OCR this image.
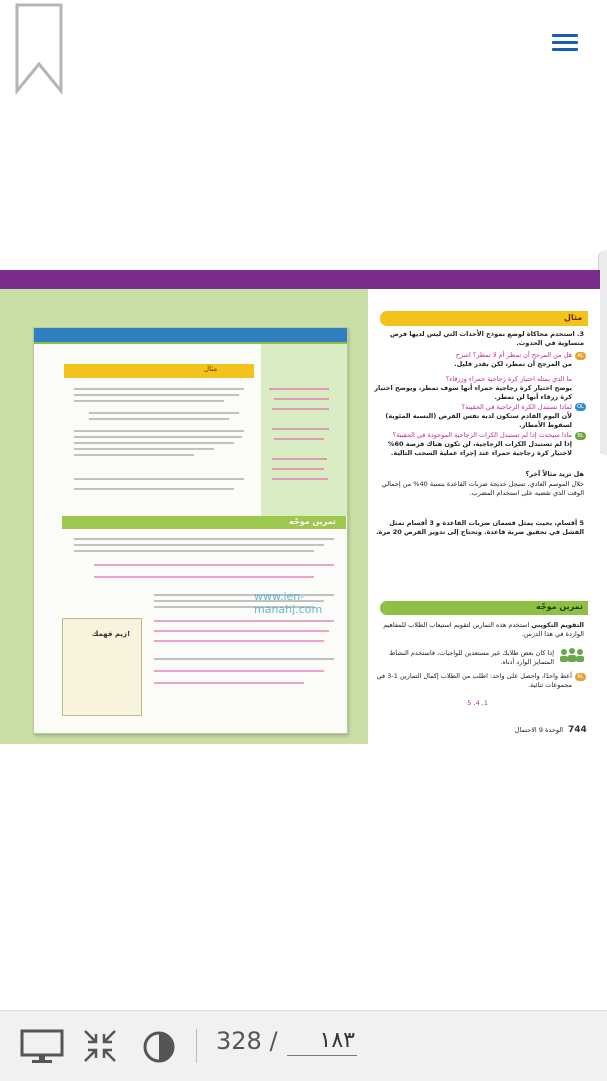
مثال
تمرين موجّه
زيم فهمك!
www.ien-manahj.com
مثال
3. استخدم محاكاة لوضع نموذج الأحداث التي ليس لديها فرص متساوية في الحدوث.
AL
هل من المرجح أن تمطر أم لا تمطر؟ اشرح
من المرجح أن تمطر، لكن بقدر قليل.
ما الذي يمثله اختيار كرة زجاجية حمراء وزرقاء؟
يوضح اختيار كرة زجاجية حمراء أنها سوف تمطر، ويوضح اختيار كرة زرقاء أنها لن تمطر.
OL
لماذا نستبدل الكرة الزجاجية في الحقيبة؟
لأن اليوم القادم ستكون لديه نفس الفرص (النسبة المئوية) لسقوط الأمطار.
BL
ماذا سيحدث إذا لم تستبدل الكرات الزجاجية الموجودة في الحقيبة؟
إذا لم تستبدل الكرات الزجاجية، لن تكون هناك فرصة 60% لاختيار كرة زجاجية حمراء عند إجراء عملية السحب التالية.
هل تريد مثالاً آخر؟
خلال الموسم العادي، تسجل خديجة ضربات القاعدة بنسبة 40% من إجمالي الوقت الذي تقضيه على استخدام المضرب.
5 أقسام، بحيث يمثل قسمان ضربات القاعدة و 3 أقسام تمثل الفشل في تحقيق ضربة قاعدة. وتحتاج إلى تدوير القرص 20 مرة.
تمرين موجّه
التقويم التكويني استخدم هذه التمارين لتقويم استيعاب الطلاب للمفاهيم الواردة في هذا الدرس.
إذا كان بعض طلابك غير مستعدين للواجبات، فاستخدم النشاط المتمايز الوارد أدناه.
AL
أعط واحدًا، واحصل على واحد: اطلب من الطلاب إكمال التمارين 1-3 في مجموعات ثنائية.
1, 4, 5
744
الوحدة 9 الاحتمال
328 /
١٨٣
